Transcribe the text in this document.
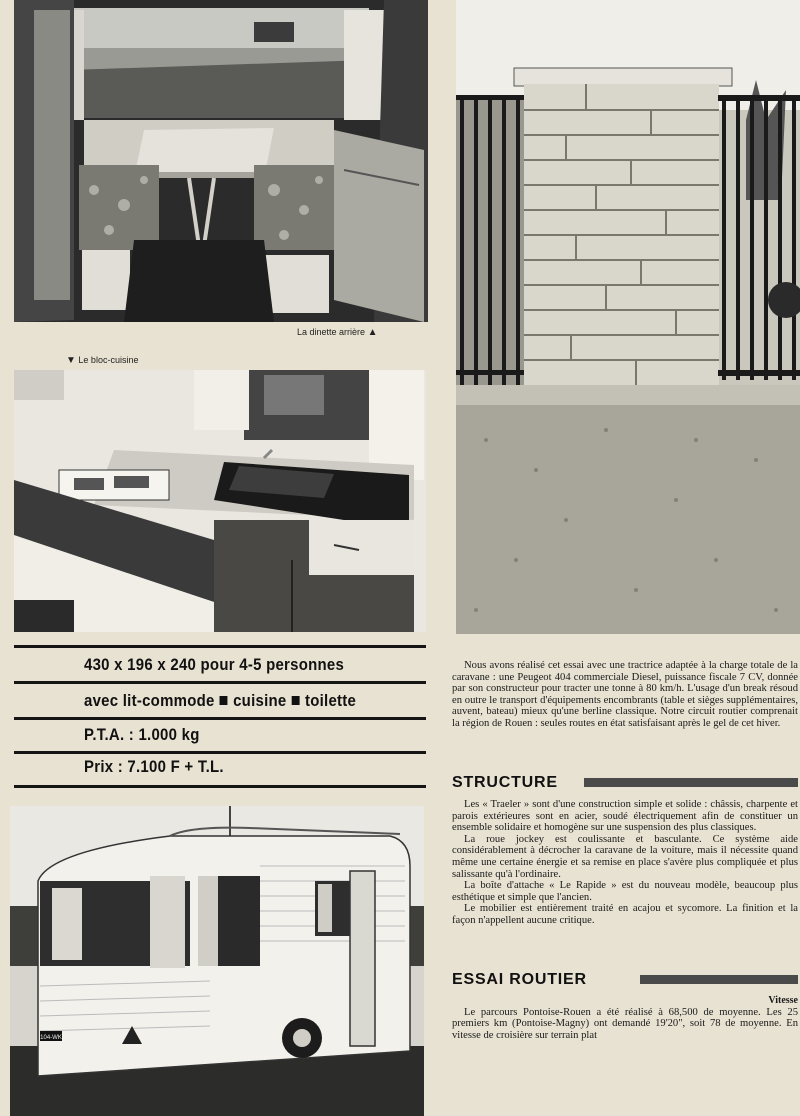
La dinette arrière ▲
▼ Le bloc-cuisine
430 x 196 x 240 pour 4-5 personnes
avec lit-commode cuisine toilette
P.T.A. : 1.000 kg
Prix : 7.100 F + T.L.
104-WK

Nous avons réalisé cet essai avec une tractrice adaptée à la charge totale de la caravane : une Peugeot 404 commerciale Diesel, puissance fiscale 7 CV, donnée par son constructeur pour tracter une tonne à 80 km/h. L'usage d'un break résoud en outre le transport d'équipements encombrants (table et sièges supplémentaires, auvent, bateau) mieux qu'une berline classique. Notre circuit routier comprenait la région de Rouen : seules routes en état satisfaisant après le gel de cet hiver.

STRUCTURE

Les « Traeler » sont d'une construction simple et solide : châssis, charpente et parois extérieures sont en acier, soudé électriquement afin de constituer un ensemble solidaire et homogène sur une suspension des plus classiques.

La roue jockey est coulissante et basculante. Ce système aide considérablement à décrocher la caravane de la voiture, mais il nécessite quand même une certaine énergie et sa remise en place s'avère plus compliquée et plus salissante qu'à l'ordinaire.

La boîte d'attache « Le Rapide » est du nouveau modèle, beaucoup plus esthétique et simple que l'ancien.

Le mobilier est entièrement traité en acajou et sycomore. La finition et la façon n'appellent aucune critique.

ESSAI ROUTIER
Vitesse

Le parcours Pontoise-Rouen a été réalisé à 68,500 de moyenne. Les 25 premiers km (Pontoise-Magny) ont demandé 19'20", soit 78 de moyenne. En vitesse de croisière sur terrain plat
